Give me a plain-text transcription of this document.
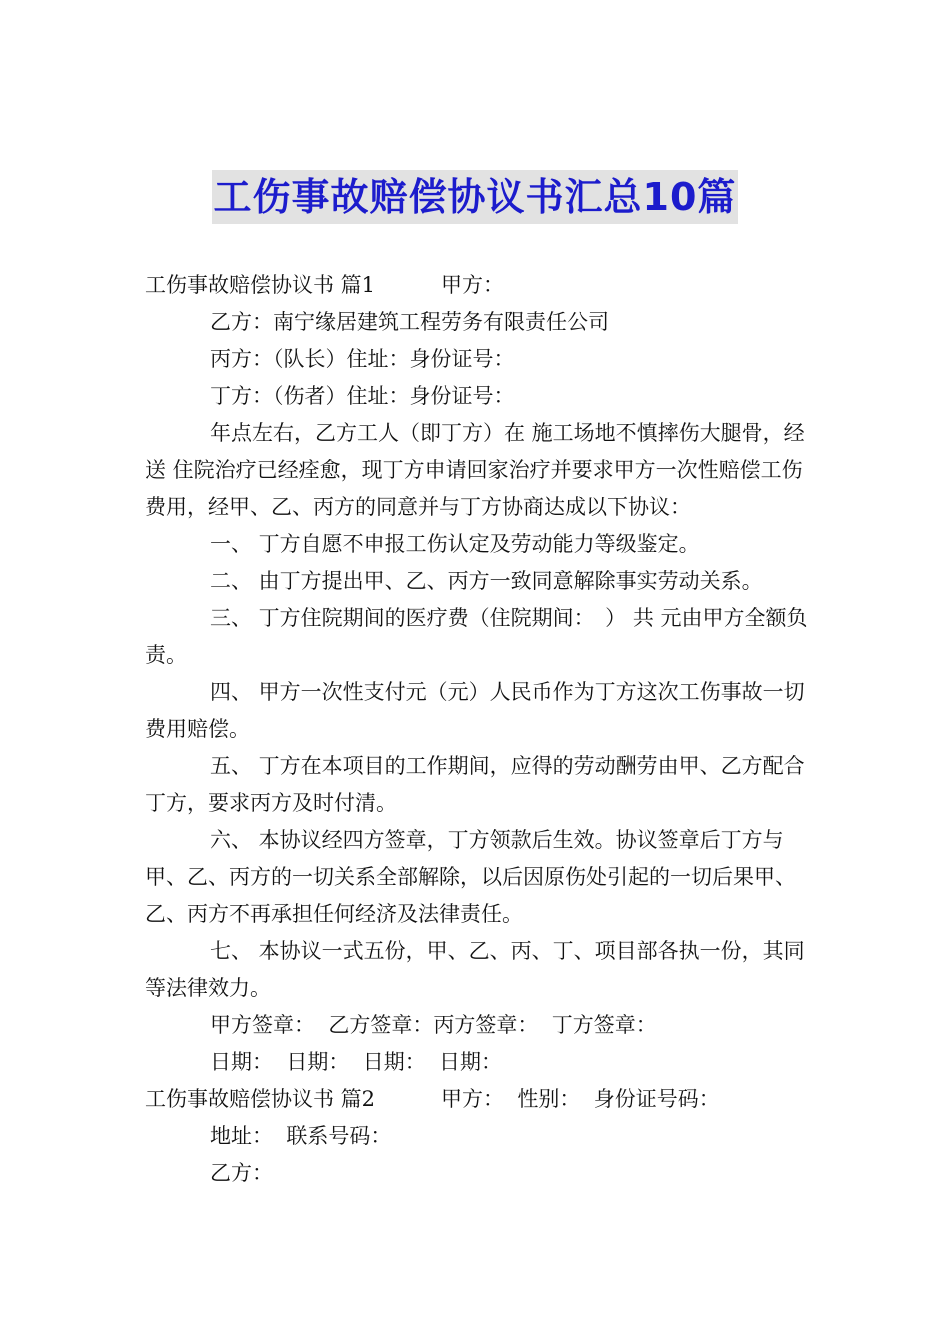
工伤事故赔偿协议书汇总10篇

工伤事故赔偿协议书 篇1	甲方：

乙方：南宁缘居建筑工程劳务有限责任公司

丙方：（队长）住址：身份证号：

丁方：（伤者）住址：身份证号：

年点左右，乙方工人（即丁方）在 施工场地不慎摔伤大腿骨，经送 住院治疗已经痊愈，现丁方申请回家治疗并要求甲方一次性赔偿工伤费用，经甲、乙、丙方的同意并与丁方协商达成以下协议：

一、 丁方自愿不申报工伤认定及劳动能力等级鉴定。

二、 由丁方提出甲、乙、丙方一致同意解除事实劳动关系。

三、 丁方住院期间的医疗费（住院期间：　） 共 元由甲方全额负责。

四、 甲方一次性支付元（元）人民币作为丁方这次工伤事故一切费用赔偿。

五、 丁方在本项目的工作期间，应得的劳动酬劳由甲、乙方配合丁方，要求丙方及时付清。

六、 本协议经四方签章，丁方领款后生效。协议签章后丁方与甲、乙、丙方的一切关系全部解除，以后因原伤处引起的一切后果甲、乙、丙方不再承担任何经济及法律责任。

七、 本协议一式五份，甲、乙、丙、丁、项目部各执一份，其同等法律效力。

甲方签章：  乙方签章：丙方签章：  丁方签章：

日期：  日期：  日期：  日期：

工伤事故赔偿协议书 篇2	甲方：  性别：  身份证号码：

地址：  联系号码：

乙方：
